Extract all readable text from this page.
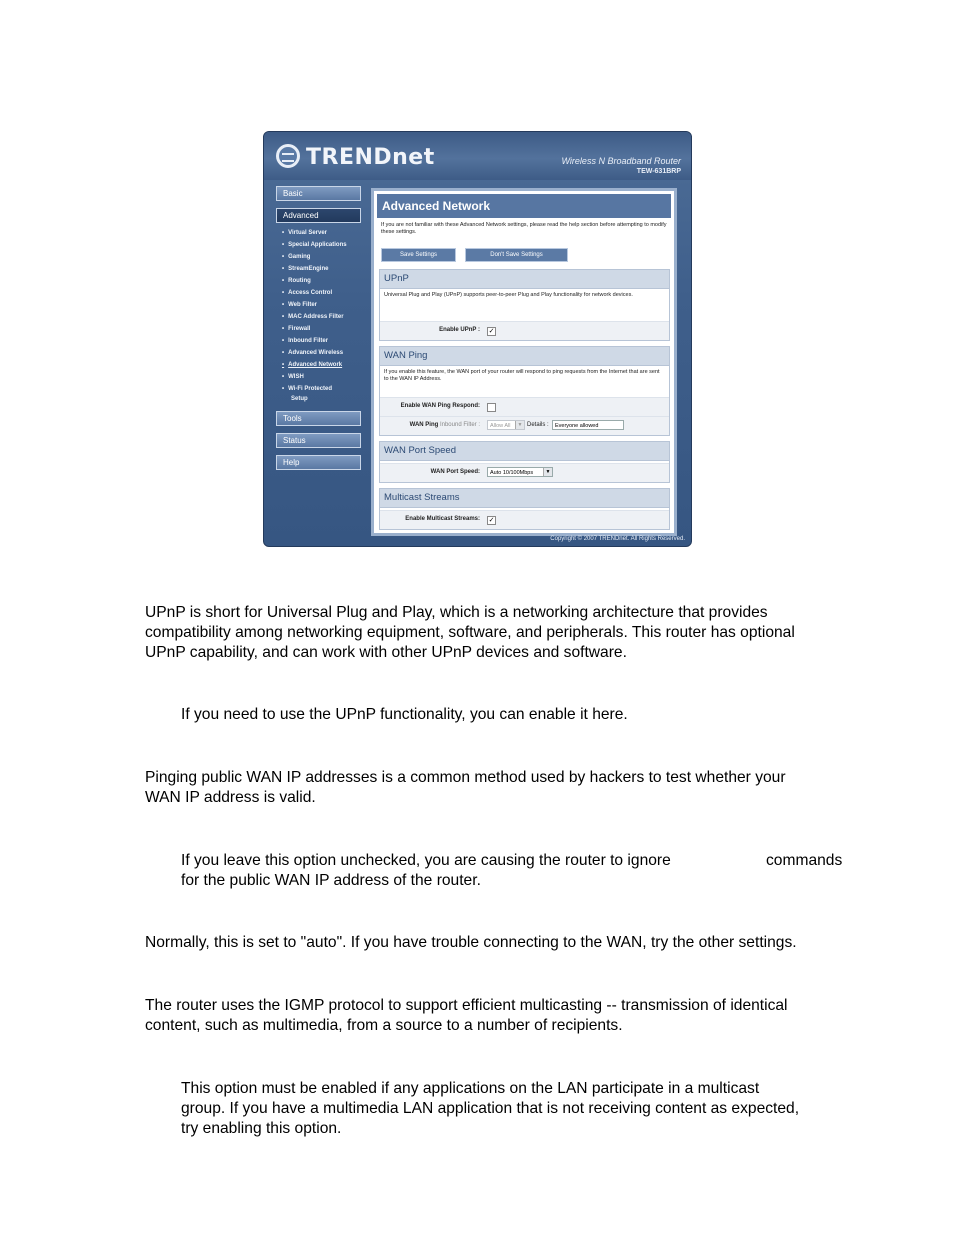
TRENDnet	Wireless N Broadband Router
TEW-631BRP
Basic
Advanced
• Virtual Server
• Special Applications
• Gaming
• StreamEngine
• Routing
• Access Control
• Web Filter
• MAC Address Filter
• Firewall
• Inbound Filter
• Advanced Wireless
• Advanced Network
• WISH
• Wi-Fi Protected
Setup
Tools
Status
Help
Advanced Network
If you are not familiar with these Advanced Network settings, please read the help section before attempting to modify these settings.
Save Settings	Don't Save Settings
UPnP
Universal Plug and Play (UPnP) supports peer-to-peer Plug and Play functionality for network devices.
Enable UPnP : ✓
WAN Ping
If you enable this feature, the WAN port of your router will respond to ping requests from the Internet that are sent to the WAN IP Address.
Enable WAN Ping Respond:
WAN Ping Inbound Filter :	Allow All	▼ Details :	Everyone allowed
WAN Port Speed
WAN Port Speed:	Auto 10/100Mbps	▼
Multicast Streams
Enable Multicast Streams: ✓
Copyright © 2007 TRENDnet. All Rights Reserved.
UPnP is short for Universal Plug and Play, which is a networking architecture that provides
compatibility among networking equipment, software, and peripherals. This router has optional
UPnP capability, and can work with other UPnP devices and software.
If you need to use the UPnP functionality, you can enable it here.
Pinging public WAN IP addresses is a common method used by hackers to test whether your
WAN IP address is valid.
If you leave this option unchecked, you are causing the router to ignore	commands
for the public WAN IP address of the router.
Normally, this is set to "auto". If you have trouble connecting to the WAN, try the other settings.
The router uses the IGMP protocol to support efficient multicasting -- transmission of identical
content, such as multimedia, from a source to a number of recipients.
This option must be enabled if any applications on the LAN participate in a multicast
group. If you have a multimedia LAN application that is not receiving content as expected,
try enabling this option.
